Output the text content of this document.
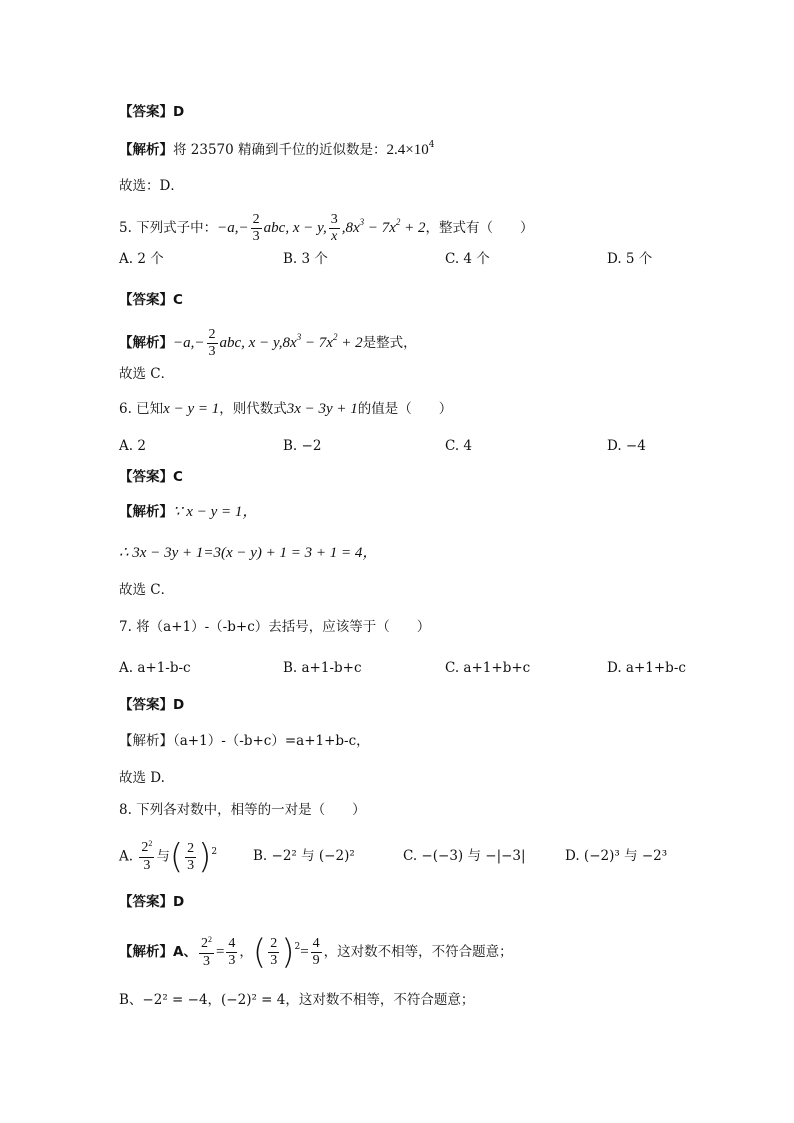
【答案】D
【解析】将 23570 精确到千位的近似数是：$2.4\times 10^4$
故选：D．
5. 下列式子中：$-a,- \frac{2}{3}$ abc, x − y, $\frac{3}{x} ,8x^3 - 7x^2 + 2$，整式有（　　）
A. 2 个	B. 3 个	C. 4 个	D. 5 个
【答案】C
【解析】$-a,- \frac{2}{3}$ abc, $x - y,8x^3 - 7x^2 + 2$是整式，
故选 C．
6. 已知x − y = 1，则代数式3x − 3y + 1的值是（　　）
A. 2	B. −2	C. 4	D. −4
【答案】C
【解析】∵ x − y = 1，
∴ 3x − 3y + 1=3(x − y) + 1 = 3 + 1 = 4，
故选 C．
7. 将（a+1）-（-b+c）去括号，应该等于（　　）
A. a+1-b-c	B. a+1-b+c	C. a+1+b+c	D. a+1+b-c
【答案】D
【解析】（a+1）-（-b+c）=a+1+b-c，
故选 D.
8. 下列各对数中，相等的一对是（　　）
A. $\frac{2^2}{3}$ 与( $\frac{2}{3} )^2$	B. −2² 与 (−2)²	C. −(−3) 与 −|−3|	D. (−2)³ 与 −2³
【答案】D
【解析】A、 $\frac{2^2}{3} = \frac{4}{3}$ ，( $\frac{2}{3} )^2= \frac{4}{9}$ ，这对数不相等，不符合题意；
B、−2² = −4，(−2)² = 4，这对数不相等，不符合题意；
